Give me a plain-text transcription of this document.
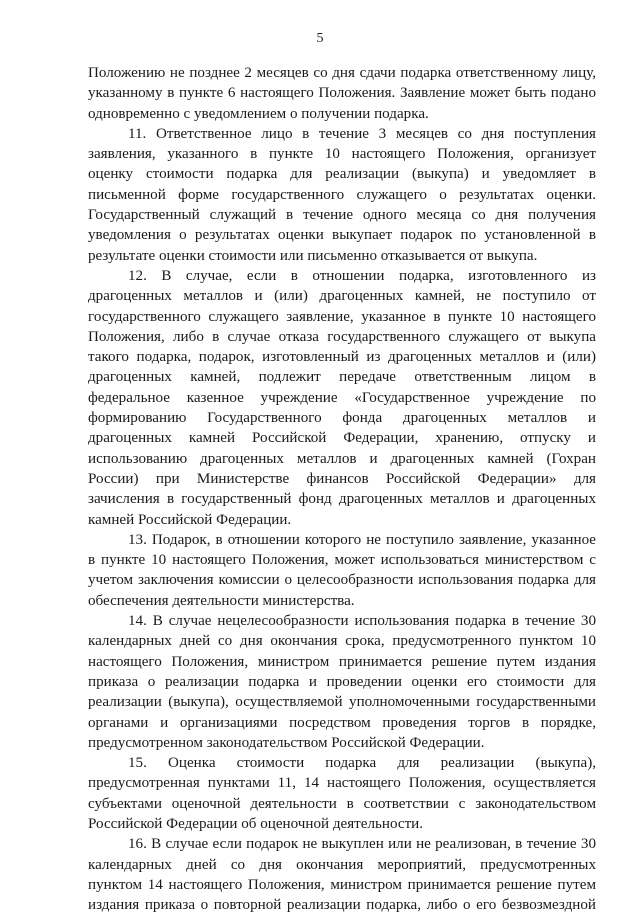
5
Положению не позднее 2 месяцев со дня сдачи подарка ответственному лицу,
указанному в пункте 6 настоящего Положения. Заявление может быть подано
одновременно с уведомлением о получении подарка.
11. Ответственное лицо в течение 3 месяцев со дня поступления
заявления, указанного в пункте 10 настоящего Положения, организует
оценку стоимости подарка для реализации (выкупа) и уведомляет в
письменной форме государственного служащего о результатах оценки.
Государственный служащий в течение одного месяца со дня получения
уведомления о результатах оценки выкупает подарок по установленной в
результате оценки стоимости или письменно отказывается от выкупа.
12. В случае, если в отношении подарка, изготовленного из
драгоценных металлов и (или) драгоценных камней, не поступило от
государственного служащего заявление, указанное в пункте 10 настоящего
Положения, либо в случае отказа государственного служащего от выкупа
такого подарка, подарок, изготовленный из драгоценных металлов и (или)
драгоценных камней, подлежит передаче ответственным лицом в
федеральное казенное учреждение «Государственное учреждение по
формированию Государственного фонда драгоценных металлов и
драгоценных камней Российской Федерации, хранению, отпуску и
использованию драгоценных металлов и драгоценных камней (Гохран
России) при Министерстве финансов Российской Федерации» для
зачисления в государственный фонд драгоценных металлов и драгоценных
камней Российской Федерации.
13. Подарок, в отношении которого не поступило заявление, указанное
в пункте 10 настоящего Положения, может использоваться министерством с
учетом заключения комиссии о целесообразности использования подарка для
обеспечения деятельности министерства.
14. В случае нецелесообразности использования подарка в течение 30
календарных дней со дня окончания срока, предусмотренного пунктом 10
настоящего Положения, министром принимается решение путем издания
приказа о реализации подарка и проведении оценки его стоимости для
реализации (выкупа), осуществляемой уполномоченными государственными
органами и организациями посредством проведения торгов в порядке,
предусмотренном законодательством Российской Федерации.
15. Оценка стоимости подарка для реализации (выкупа),
предусмотренная пунктами 11, 14 настоящего Положения, осуществляется
субъектами оценочной деятельности в соответствии с законодательством
Российской Федерации об оценочной деятельности.
16. В случае если подарок не выкуплен или не реализован, в течение 30
календарных дней со дня окончания мероприятий, предусмотренных
пунктом 14 настоящего Положения, министром принимается решение путем
издания приказа о повторной реализации подарка, либо о его безвозмездной
